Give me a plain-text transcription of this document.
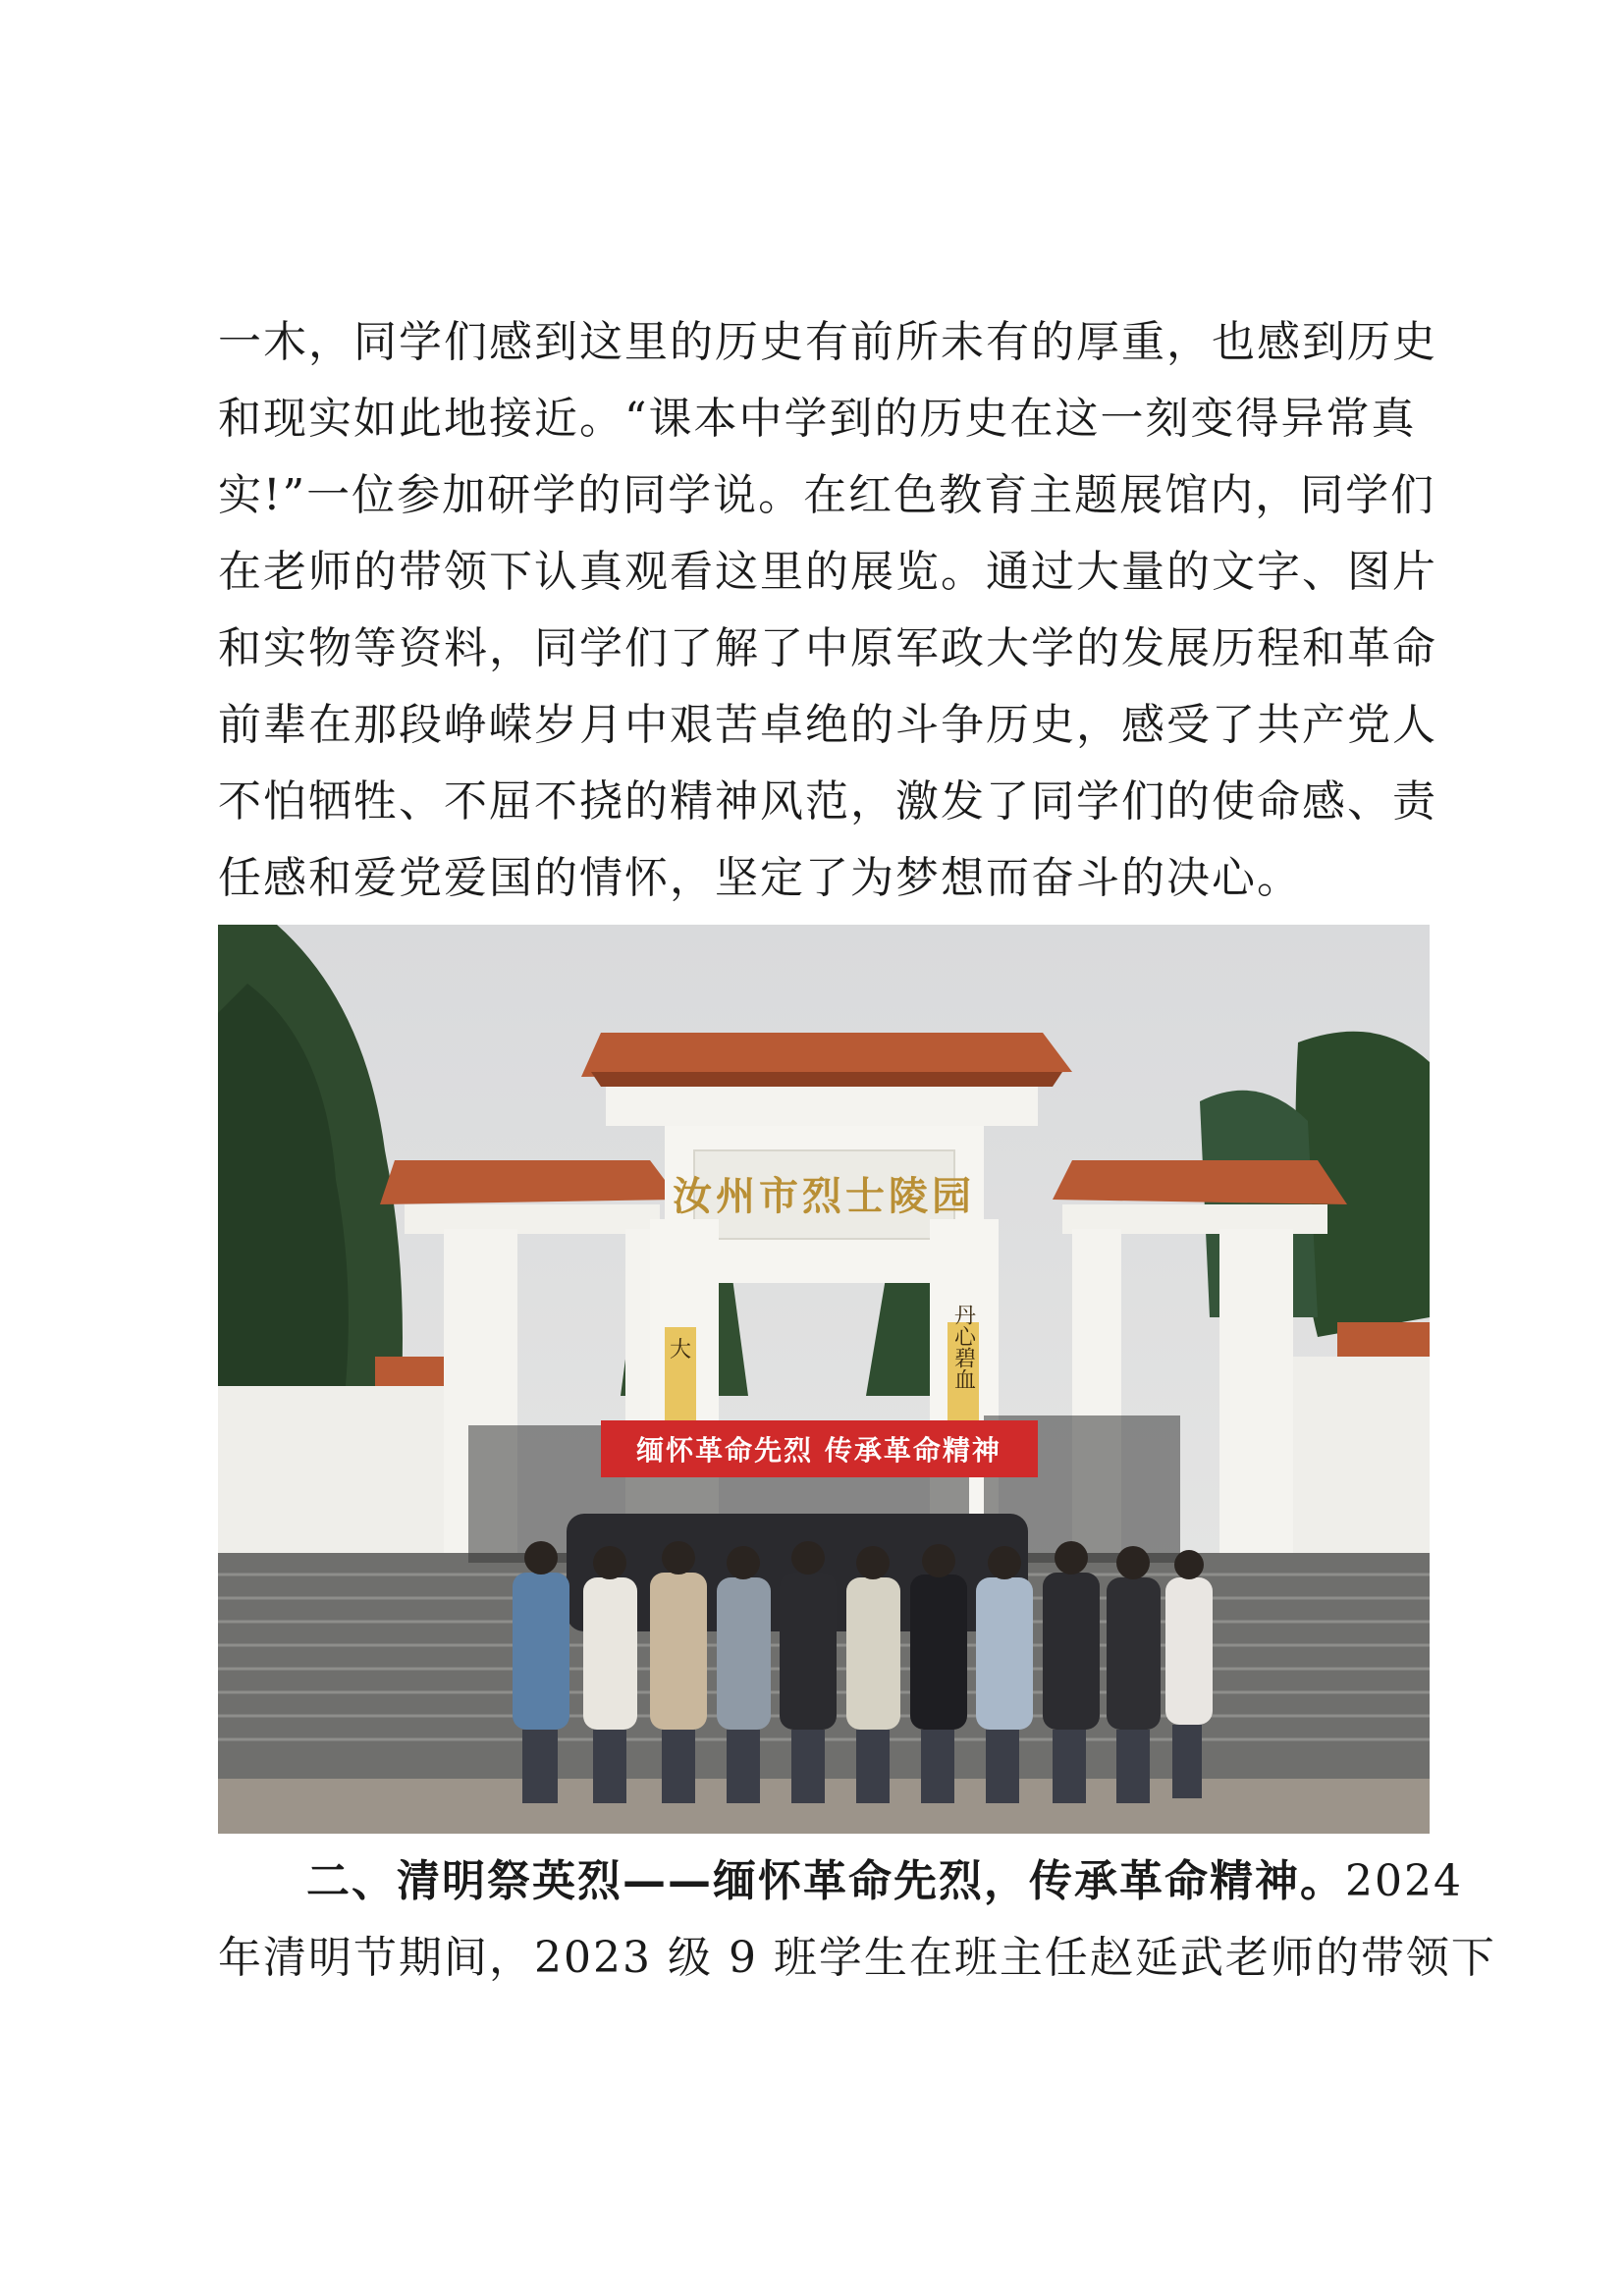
一木，同学们感到这里的历史有前所未有的厚重，也感到历史
和现实如此地接近。“课本中学到的历史在这一刻变得异常真
实!”一位参加研学的同学说。在红色教育主题展馆内，同学们
在老师的带领下认真观看这里的展览。通过大量的文字、图片
和实物等资料，同学们了解了中原军政大学的发展历程和革命
前辈在那段峥嵘岁月中艰苦卓绝的斗争历史，感受了共产党人
不怕牺牲、不屈不挠的精神风范，激发了同学们的使命感、责
任感和爱党爱国的情怀，坚定了为梦想而奋斗的决心。
汝州市烈士陵园
缅怀革命先烈 传承革命精神
丹心碧血
大
二、清明祭英烈——缅怀革命先烈，传承革命精神。2024
年清明节期间，2023 级 9 班学生在班主任赵延武老师的带领下
